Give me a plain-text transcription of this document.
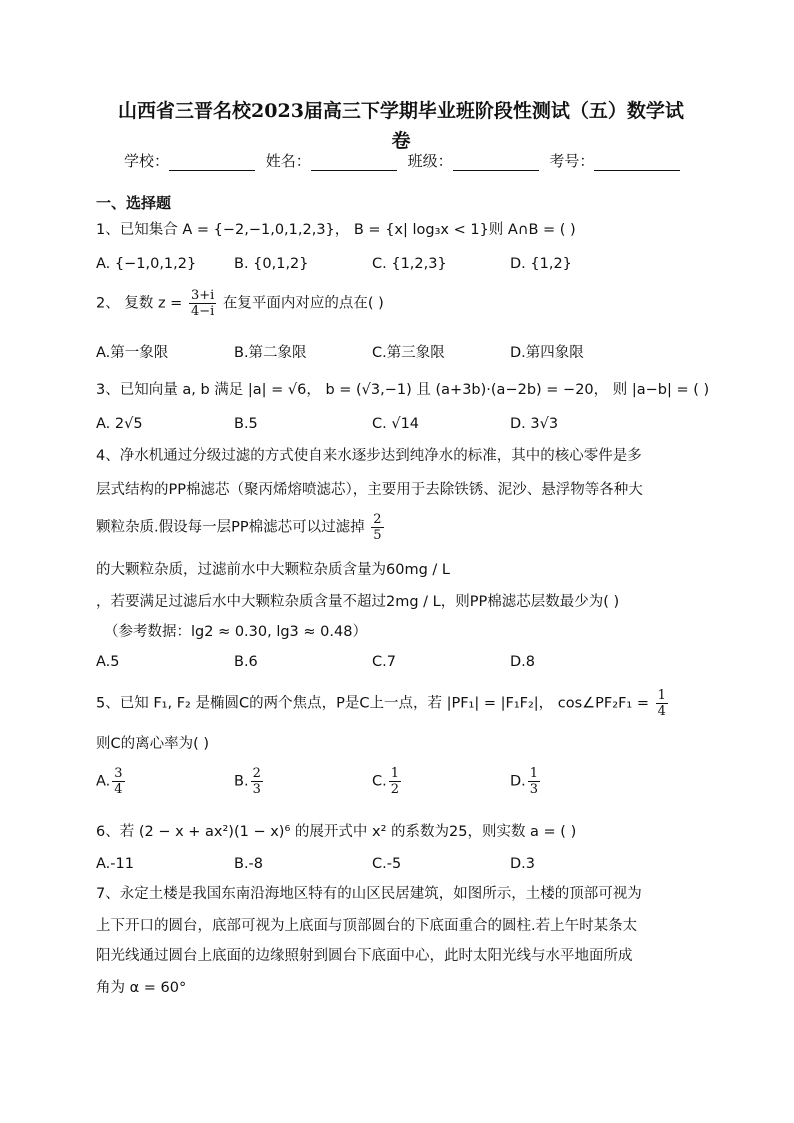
山西省三晋名校2023届高三下学期毕业班阶段性测试（五）数学试
卷
学校：	姓名：	班级：	考号：
一、选择题
1、已知集合 A = {−2,−1,0,1,2,3}， B = {x| log₃x < 1}则 A∩B = ( )
A. {−1,0,1,2}	B. {0,1,2}	C. {1,2,3}	D. {1,2}
2、 复数 $z = \frac{3+i}{4-i}$ 在复平面内对应的点在( )
A.第一象限	B.第二象限	C.第三象限	D.第四象限
3、已知向量 a, b 满足 |a| = √6， b = (√3,−1) 且 (a+3b)·(a−2b) = −20， 则 |a−b| = ( )
A. 2√5	B.5	C. √14	D. 3√3
4、净水机通过分级过滤的方式使自来水逐步达到纯净水的标准，其中的核心零件是多
层式结构的PP棉滤芯（聚丙烯熔喷滤芯），主要用于去除铁锈、泥沙、悬浮物等各种大
颗粒杂质.假设每一层PP棉滤芯可以过滤掉 $\frac{2}{5}$
的大颗粒杂质，过滤前水中大颗粒杂质含量为60mg / L
，若要满足过滤后水中大颗粒杂质含量不超过2mg / L，则PP棉滤芯层数最少为( )
（参考数据：lg2 ≈ 0.30, lg3 ≈ 0.48）
A.5	B.6	C.7	D.8
5、已知 F₁, F₂ 是椭圆C的两个焦点，P是C上一点，若 |PF₁| = |F₁F₂|， cos∠PF₂F₁ = $\frac{1}{4}$
则C的离心率为( )
A. $\frac{3}{4}$	B. $\frac{2}{3}$	C. $\frac{1}{2}$	D. $\frac{1}{3}$
6、若 (2 − x + ax²)(1 − x)⁶ 的展开式中 x² 的系数为25，则实数 a = ( )
A.-11	B.-8	C.-5	D.3
7、永定土楼是我国东南沿海地区特有的山区民居建筑，如图所示，土楼的顶部可视为
上下开口的圆台，底部可视为上底面与顶部圆台的下底面重合的圆柱.若上午时某条太
阳光线通过圆台上底面的边缘照射到圆台下底面中心，此时太阳光线与水平地面所成
角为 α = 60°
